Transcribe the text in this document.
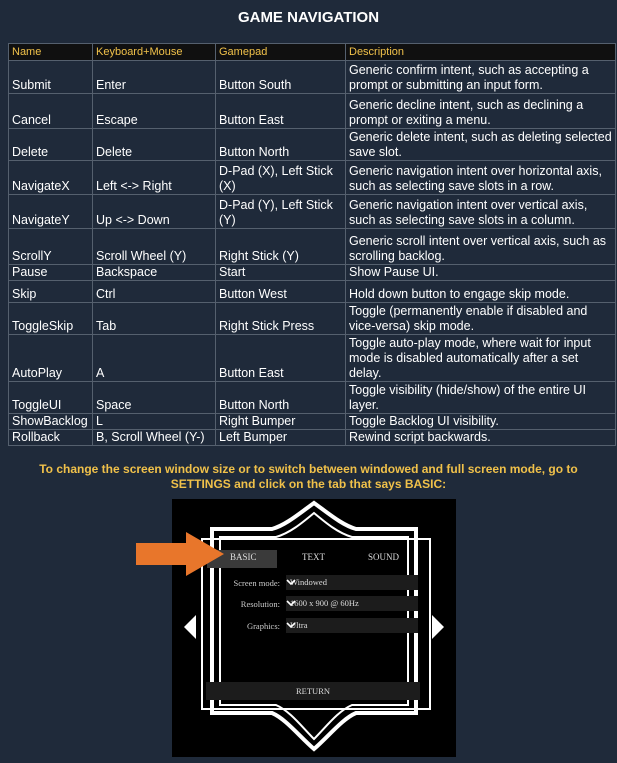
GAME NAVIGATION
Name	Keyboard+Mouse	Gamepad	Description
Submit	Enter	Button South	Generic confirm intent, such as accepting a prompt or submitting an input form.
Cancel	Escape	Button East	Generic decline intent, such as declining a prompt or exiting a menu.
Delete	Delete	Button North	Generic delete intent, such as deleting selected save slot.
NavigateX	Left <-> Right	D-Pad (X), Left Stick (X)	Generic navigation intent over horizontal axis, such as selecting save slots in a row.
NavigateY	Up <-> Down	D-Pad (Y), Left Stick (Y)	Generic navigation intent over vertical axis, such as selecting save slots in a column.
ScrollY	Scroll Wheel (Y)	Right Stick (Y)	Generic scroll intent over vertical axis, such as scrolling backlog.
Pause	Backspace	Start	Show Pause UI.
Skip	Ctrl	Button West	Hold down button to engage skip mode.
ToggleSkip	Tab	Right Stick Press	Toggle (permanently enable if disabled and vice-versa) skip mode.
AutoPlay	A	Button East	Toggle auto-play mode, where wait for input mode is disabled automatically after a set delay.
ToggleUI	Space	Button North	Toggle visibility (hide/show) of the entire UI layer.
ShowBacklog	L	Right Bumper	Toggle Backlog UI visibility.
Rollback	B, Scroll Wheel (Y-)	Left Bumper	Rewind script backwards.
To change the screen window size or to switch between windowed and full screen mode, go to
SETTINGS and click on the tab that says BASIC:
BASIC	TEXT	SOUND
Screen mode: Windowed
Resolution: 1600 x 900 @ 60Hz
Graphics: Ultra
RETURN
